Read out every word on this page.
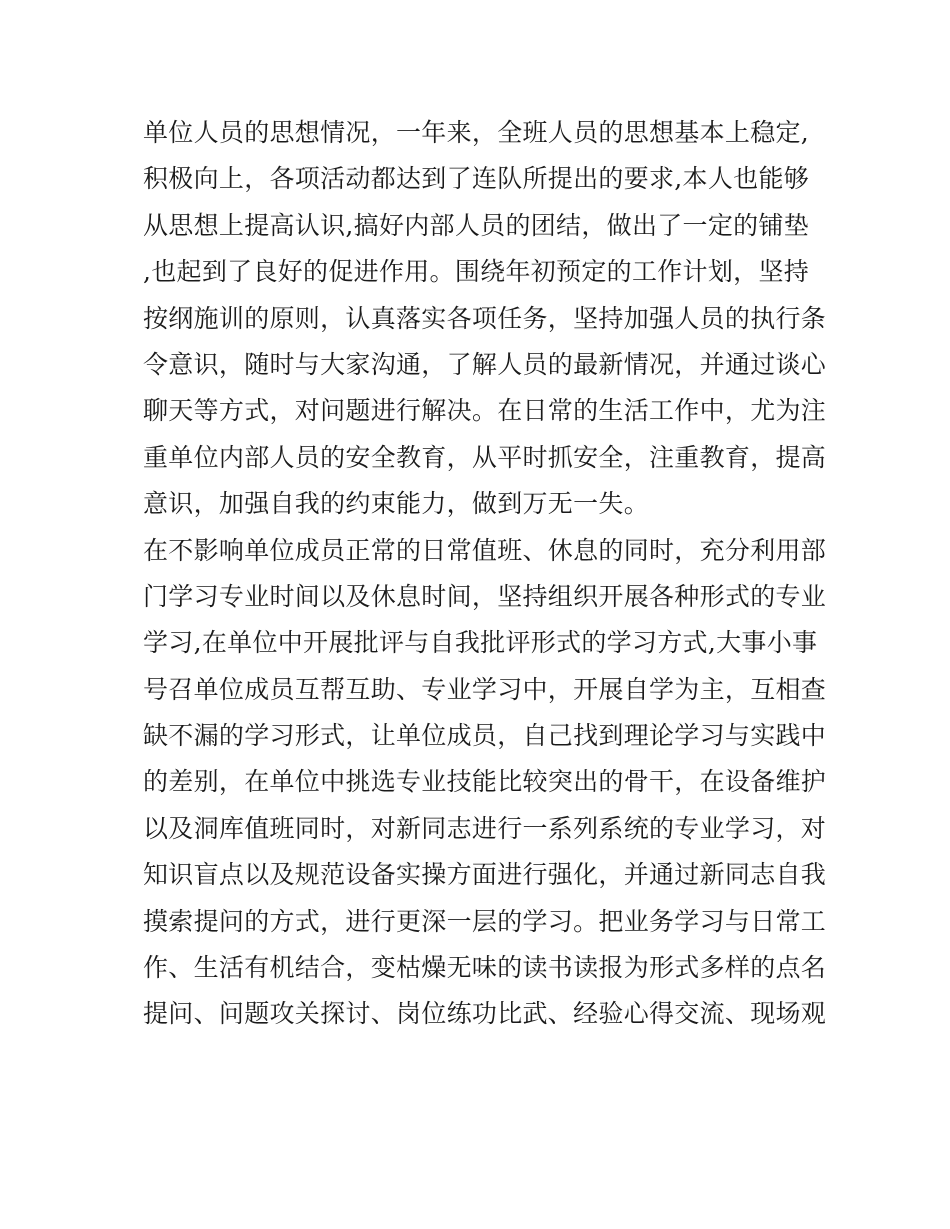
单位人员的思想情况，一年来，全班人员的思想基本上稳定,
积极向上，各项活动都达到了连队所提出的要求,本人也能够
从思想上提高认识,搞好内部人员的团结，做出了一定的铺垫
,也起到了良好的促进作用。围绕年初预定的工作计划，坚持
按纲施训的原则，认真落实各项任务，坚持加强人员的执行条
令意识，随时与大家沟通，了解人员的最新情况，并通过谈心
聊天等方式，对问题进行解决。在日常的生活工作中，尤为注
重单位内部人员的安全教育，从平时抓安全，注重教育，提高
意识，加强自我的约束能力，做到万无一失。
在不影响单位成员正常的日常值班、休息的同时，充分利用部
门学习专业时间以及休息时间，坚持组织开展各种形式的专业
学习,在单位中开展批评与自我批评形式的学习方式,大事小事
号召单位成员互帮互助、专业学习中，开展自学为主，互相查
缺不漏的学习形式，让单位成员，自己找到理论学习与实践中
的差别，在单位中挑选专业技能比较突出的骨干，在设备维护
以及洞库值班同时，对新同志进行一系列系统的专业学习，对
知识盲点以及规范设备实操方面进行强化，并通过新同志自我
摸索提问的方式，进行更深一层的学习。把业务学习与日常工
作、生活有机结合，变枯燥无味的读书读报为形式多样的点名
提问、问题攻关探讨、岗位练功比武、经验心得交流、现场观
